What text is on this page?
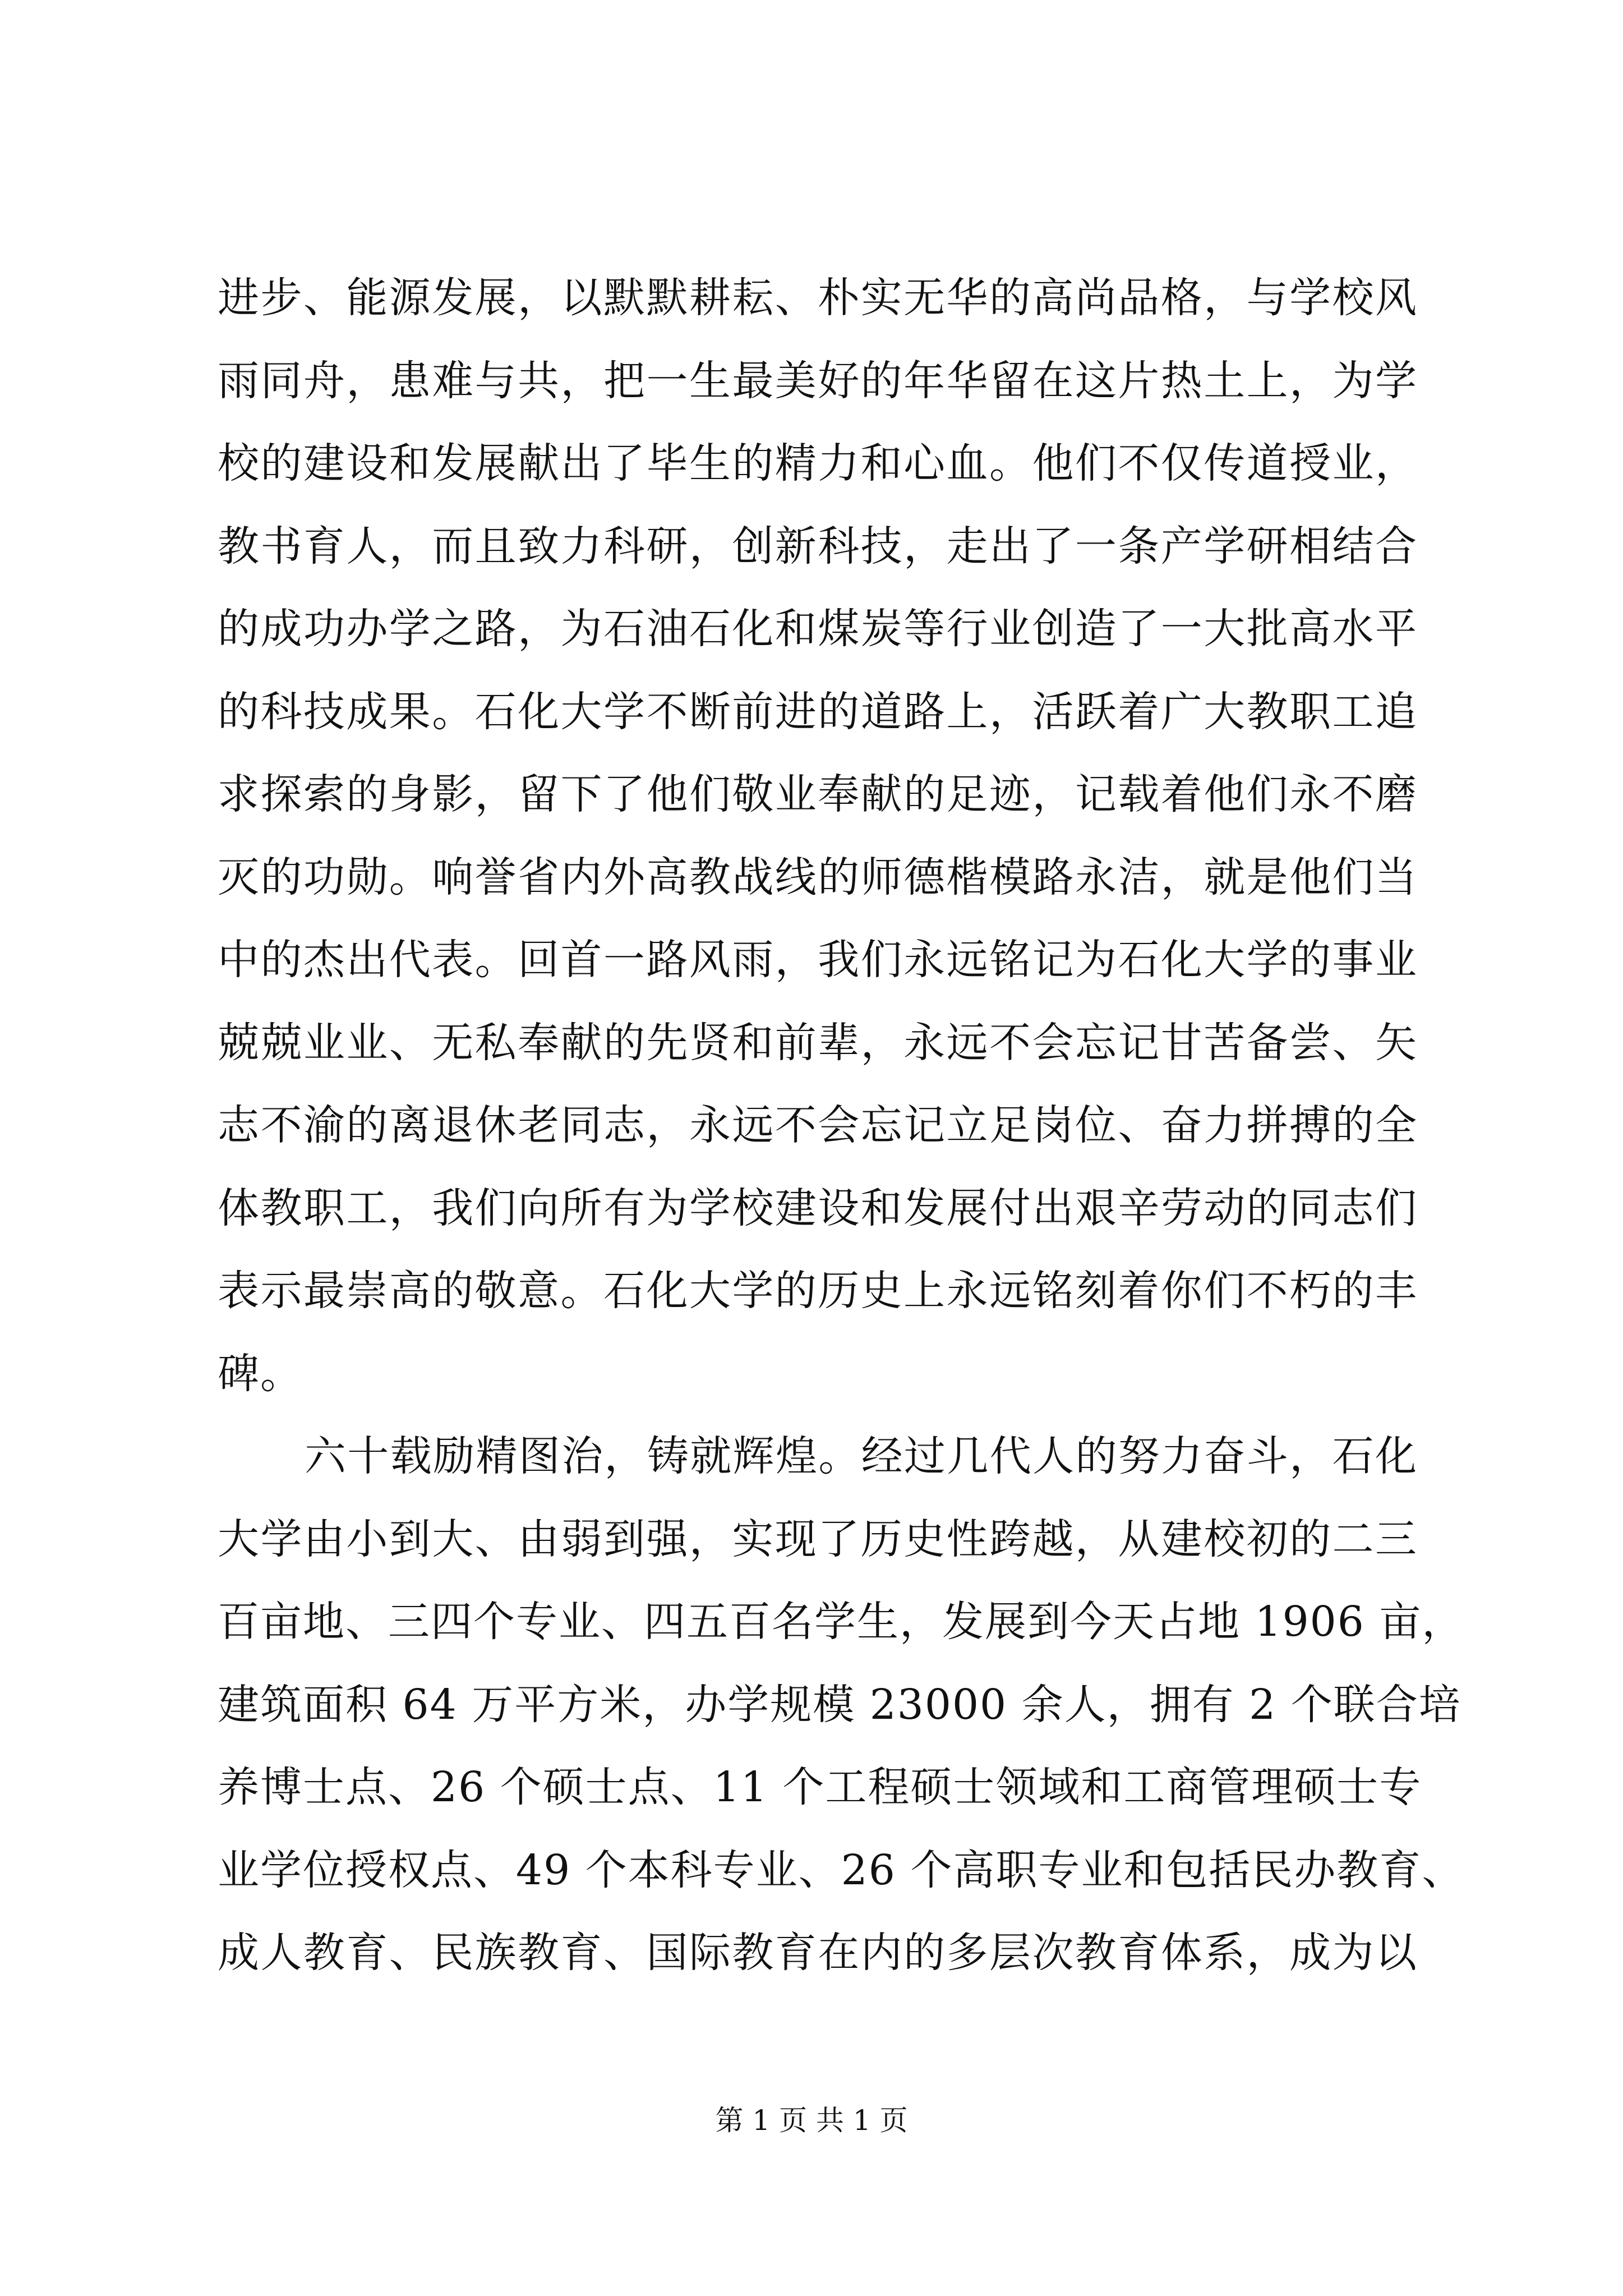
进步、能源发展，以默默耕耘、朴实无华的高尚品格，与学校风
雨同舟，患难与共，把一生最美好的年华留在这片热土上，为学
校的建设和发展献出了毕生的精力和心血。他们不仅传道授业，
教书育人，而且致力科研，创新科技，走出了一条产学研相结合
的成功办学之路，为石油石化和煤炭等行业创造了一大批高水平
的科技成果。石化大学不断前进的道路上，活跃着广大教职工追
求探索的身影，留下了他们敬业奉献的足迹，记载着他们永不磨
灭的功勋。响誉省内外高教战线的师德楷模路永洁，就是他们当
中的杰出代表。回首一路风雨，我们永远铭记为石化大学的事业
兢兢业业、无私奉献的先贤和前辈，永远不会忘记甘苦备尝、矢
志不渝的离退休老同志，永远不会忘记立足岗位、奋力拼搏的全
体教职工，我们向所有为学校建设和发展付出艰辛劳动的同志们
表示最崇高的敬意。石化大学的历史上永远铭刻着你们不朽的丰
碑。
六十载励精图治，铸就辉煌。经过几代人的努力奋斗，石化
大学由小到大、由弱到强，实现了历史性跨越，从建校初的二三
百亩地、三四个专业、四五百名学生，发展到今天占地 1906 亩，
建筑面积 64 万平方米，办学规模 23000 余人，拥有 2 个联合培
养博士点、26 个硕士点、11 个工程硕士领域和工商管理硕士专
业学位授权点、49 个本科专业、26 个高职专业和包括民办教育、
成人教育、民族教育、国际教育在内的多层次教育体系，成为以
第 1 页 共 1 页
